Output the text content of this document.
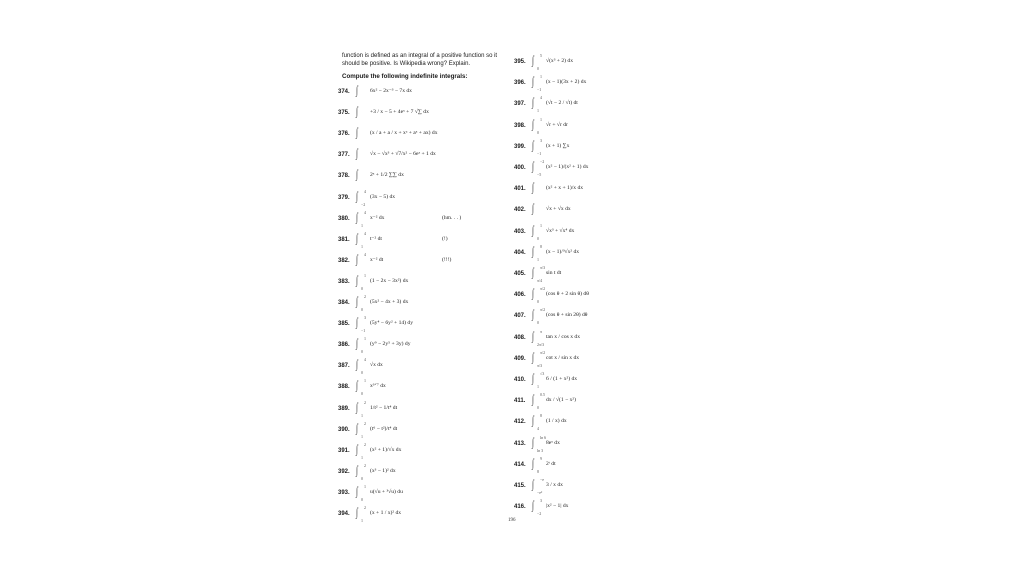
function is defined as an integral of a positive function so it should be positive. Is Wikipedia wrong? Explain.
Compute the following indefinite integrals:
374. ∫ 6x² − 2x⁻³ − 7x dx
375. ∫ +3 / x − 5 + 4eˣ + 7 √∑ dx
376. ∫ (x / a + a / x + xᵃ + aˣ + ax) dx
377. ∫ √x − √x³ + √7/x² − 6eˣ + 1 dx
378. ∫ 2ˣ + 1/2 ∑∑ dx
379. ∫ 4
−2
(3x − 5) dx
380. ∫ 4
1
x⁻² dx	(hm. . . )
381. ∫ 4
1
t⁻² dt	(!)
382. ∫ 4
x⁻² dt	(!!!)
383. ∫ 1
0
(1 − 2x − 3x²) dx
384. ∫ 2
0
(5x² − 4x + 3) dx
385. ∫ 3
−1
(5y⁴ − 6y² + 14) dy
386. ∫ 1
0
(y⁹ − 2y⁵ + 3y) dy
387. ∫ 4
0
√x dx
388. ∫ 1
0
x³ᐟ⁷ dx
389. ∫ 2
1
1/t² − 1/t⁴ dt
390. ∫ 2
1
(t⁶ − t²)/t⁴ dt
391. ∫ 2
1
(x² + 1)/√x dx
392. ∫ 2
0
(x³ − 1)² dx
393. ∫ 1
0
u(√u + ³√u) du
394. ∫ 2
1
(x + 1 / x)² dx
395. ∫ 5
0
√(x³ + 2) dx
396. ∫ 1
−1
(x − 1)(3x + 2) dx
397. ∫ 4
1
(√t − 2 / √t) dt
398. ∫ 1
0
√r + √r dr
399. ∫ 3
−1
(x + 1) ∑x
400. ∫ −2
−5
(x² − 1)/(x² + 1) dx
401. ∫ (x² + x + 1)/x dx
402. ∫ √x + √x dx
403. ∫ 1
0
√x³ + √x⁴ dx
404. ∫ 8
1
(x − 1)/³√x² dx
405. ∫ π/3
π/4
sin t dt
406. ∫ π/2
0
(cos θ + 2 sin θ) dθ
407. ∫ π/2
0
(cos θ + sin 2θ) dθ
408. ∫ π
2π/3
tan x / cos x dx
409. ∫ π/2
π/3
cot x / sin x dx
410. ∫ √3
1
6 / (1 + x²) dx
411. ∫ 0.5
0
dx / √(1 − x²)
412. ∫ 8
4
(1 / x) dx
413. ∫ ln 6
ln 3
8eˣ dx
414. ∫ 9
8
2ᵗ dt
415. ∫ −e
−e²
3 / x dx
416. ∫ 3
−2
|x² − 1| dx
196
